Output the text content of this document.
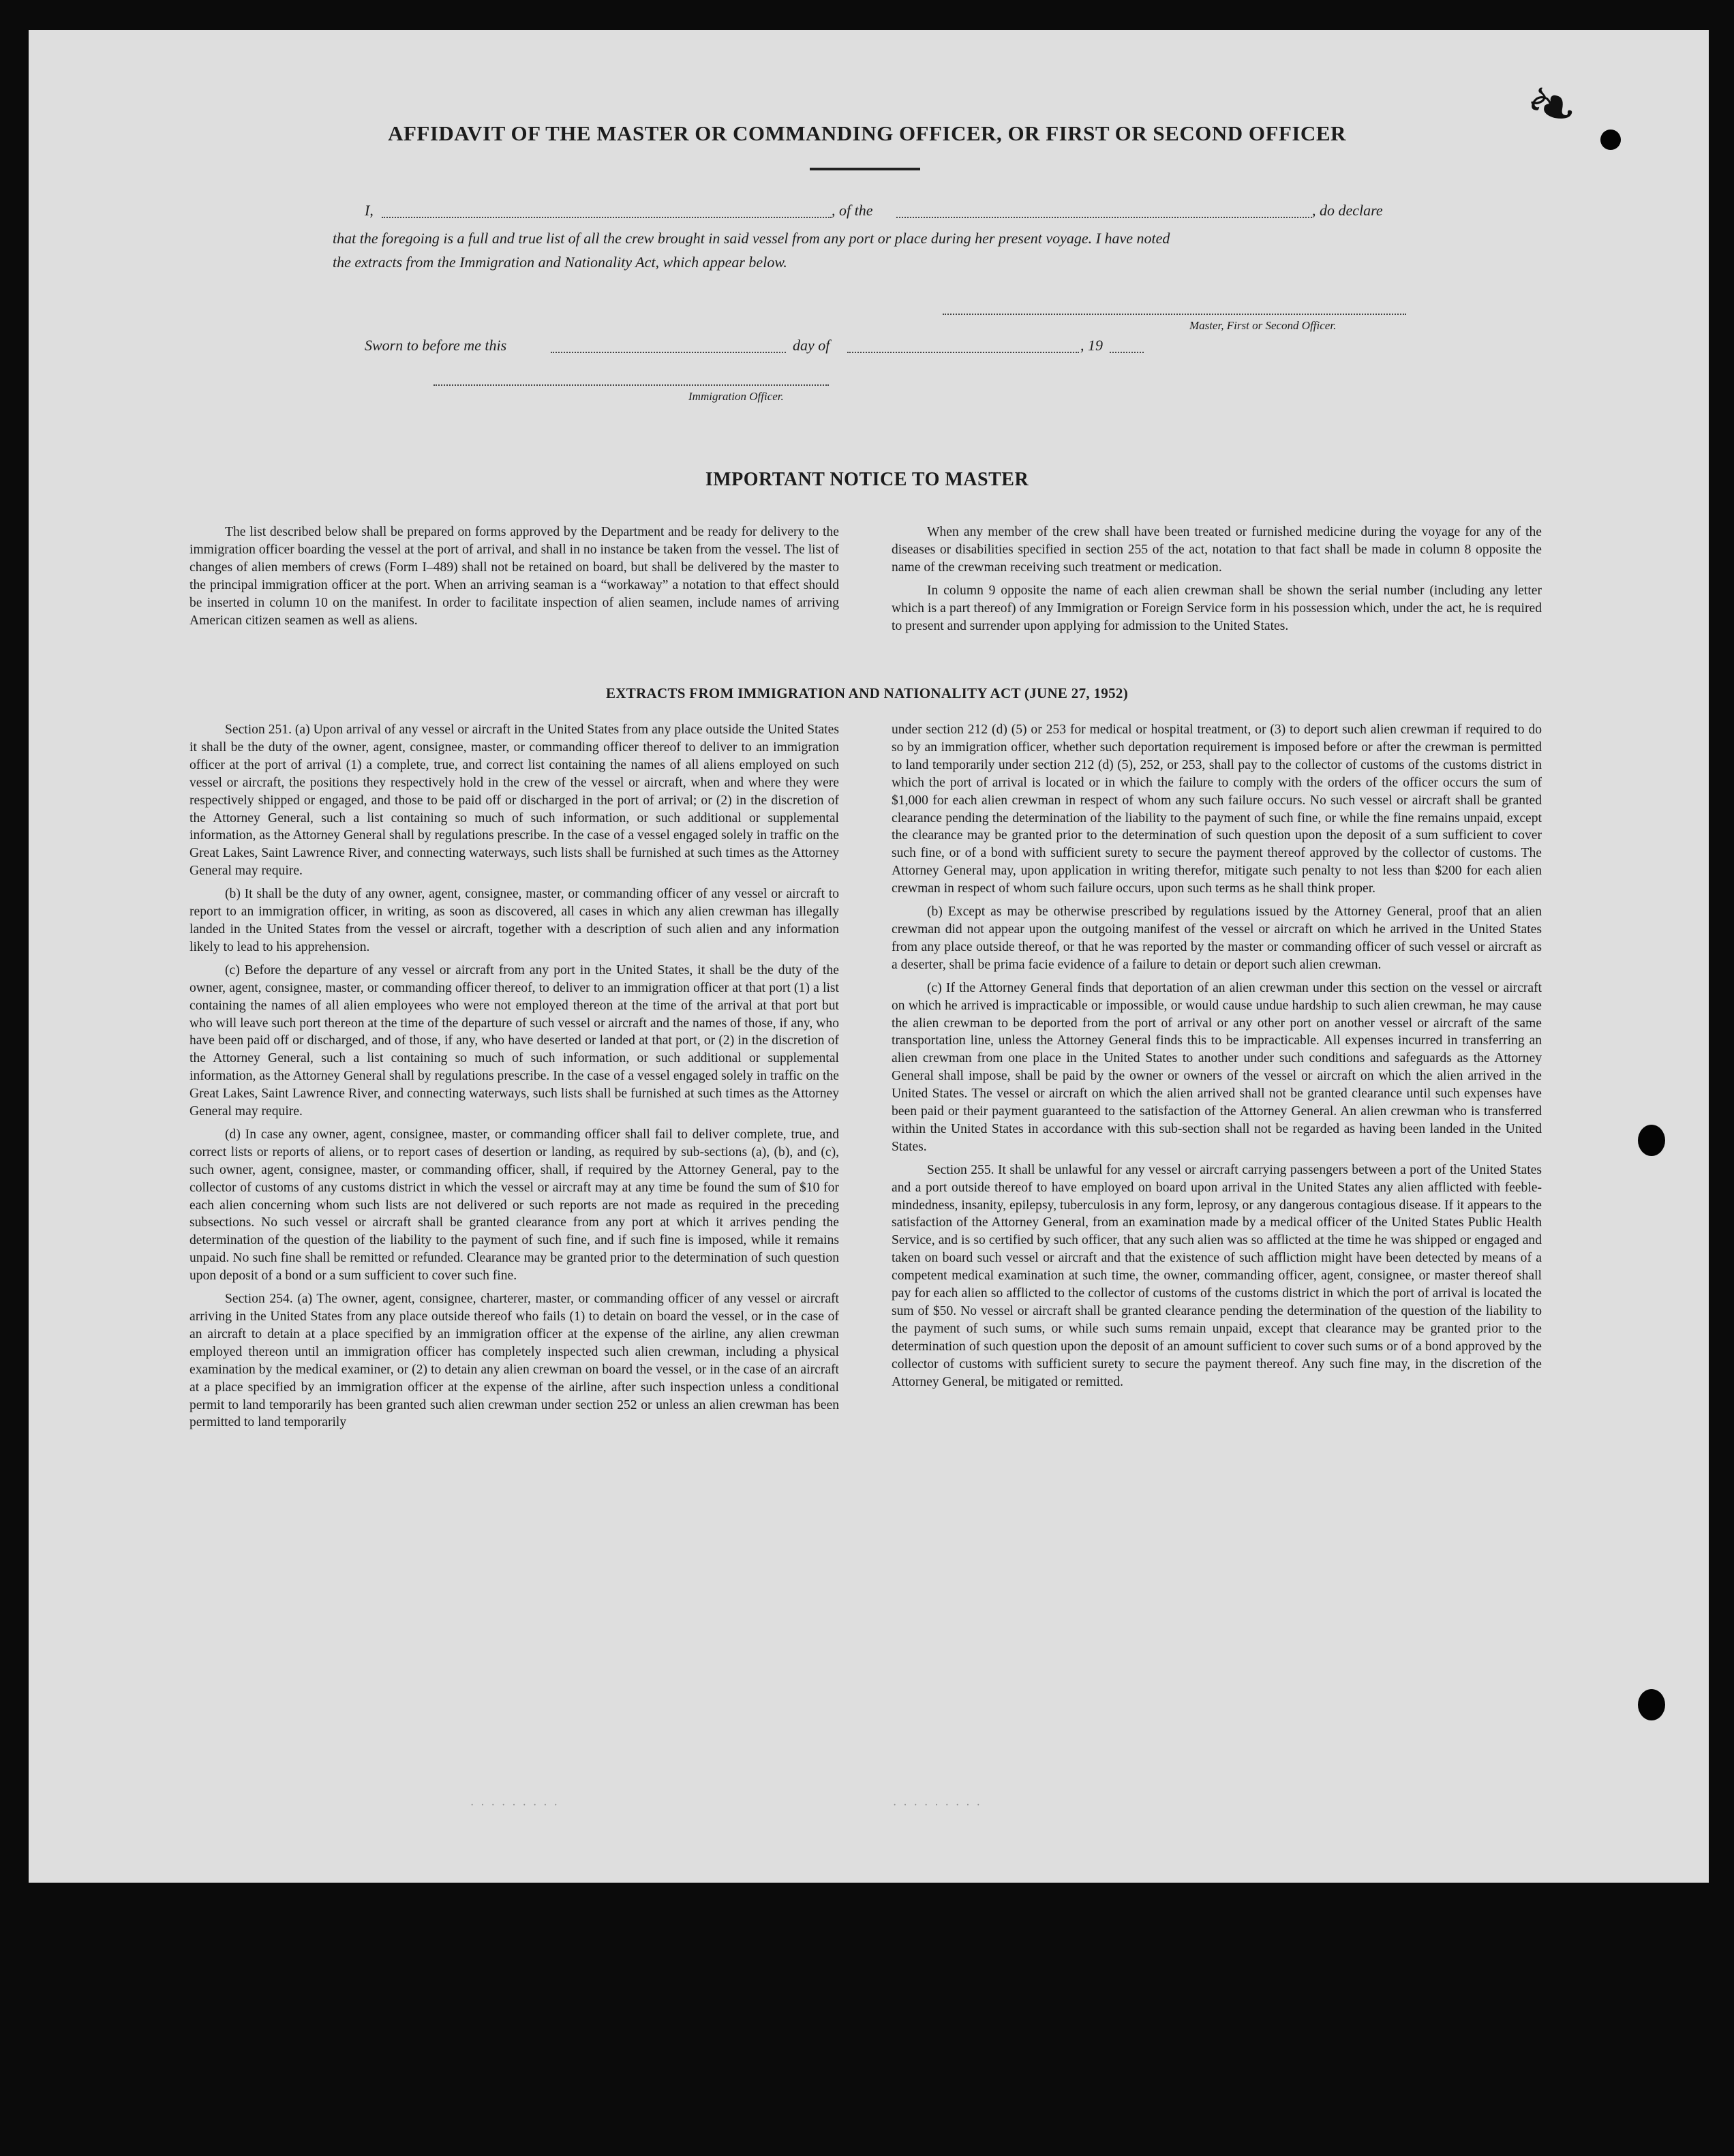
❧
· · · · · · · · ·	· · · · · · · · ·
AFFIDAVIT OF THE MASTER OR COMMANDING OFFICER, OR FIRST OR SECOND OFFICER
I,	, of the	, do declare
that the foregoing is a full and true list of all the crew brought in said vessel from any port or place during her present voyage. I have noted
the extracts from the Immigration and Nationality Act, which appear below.
Master, First or Second Officer.
Sworn to before me this	day of	, 19
Immigration Officer.
IMPORTANT NOTICE TO MASTER

The list described below shall be prepared on forms approved by the Department and be ready for delivery to the immigration officer boarding the vessel at the port of arrival, and shall in no instance be taken from the vessel. The list of changes of alien members of crews (Form I–489) shall not be retained on board, but shall be delivered by the master to the principal immigration officer at the port. When an arriving seaman is a “workaway” a notation to that effect should be inserted in column 10 on the manifest. In order to facilitate inspection of alien seamen, include names of arriving American citizen seamen as well as aliens.

When any member of the crew shall have been treated or furnished medicine during the voyage for any of the diseases or disabilities specified in section 255 of the act, notation to that fact shall be made in column 8 opposite the name of the crewman receiving such treatment or medication.

In column 9 opposite the name of each alien crewman shall be shown the serial number (including any letter which is a part thereof) of any Immigration or Foreign Service form in his possession which, under the act, he is required to present and surrender upon applying for admission to the United States.

EXTRACTS FROM IMMIGRATION AND NATIONALITY ACT (JUNE 27, 1952)

Section 251. (a) Upon arrival of any vessel or aircraft in the United States from any place outside the United States it shall be the duty of the owner, agent, consignee, master, or commanding officer thereof to deliver to an immigration officer at the port of arrival (1) a complete, true, and correct list containing the names of all aliens employed on such vessel or aircraft, the positions they respectively hold in the crew of the vessel or aircraft, when and where they were respectively shipped or engaged, and those to be paid off or discharged in the port of arrival; or (2) in the discretion of the Attorney General, such a list containing so much of such information, or such additional or supplemental information, as the Attorney General shall by regulations prescribe. In the case of a vessel engaged solely in traffic on the Great Lakes, Saint Lawrence River, and connecting waterways, such lists shall be furnished at such times as the Attorney General may require.

(b) It shall be the duty of any owner, agent, consignee, master, or commanding officer of any vessel or aircraft to report to an immigration officer, in writing, as soon as discovered, all cases in which any alien crewman has illegally landed in the United States from the vessel or aircraft, together with a description of such alien and any information likely to lead to his apprehension.

(c) Before the departure of any vessel or aircraft from any port in the United States, it shall be the duty of the owner, agent, consignee, master, or commanding officer thereof, to deliver to an immigration officer at that port (1) a list containing the names of all alien employees who were not employed thereon at the time of the arrival at that port but who will leave such port thereon at the time of the departure of such vessel or aircraft and the names of those, if any, who have been paid off or discharged, and of those, if any, who have deserted or landed at that port, or (2) in the discretion of the Attorney General, such a list containing so much of such information, or such additional or supplemental information, as the Attorney General shall by regulations prescribe. In the case of a vessel engaged solely in traffic on the Great Lakes, Saint Lawrence River, and connecting waterways, such lists shall be furnished at such times as the Attorney General may require.

(d) In case any owner, agent, consignee, master, or commanding officer shall fail to deliver complete, true, and correct lists or reports of aliens, or to report cases of desertion or landing, as required by sub-sections (a), (b), and (c), such owner, agent, consignee, master, or commanding officer, shall, if required by the Attorney General, pay to the collector of customs of any customs district in which the vessel or aircraft may at any time be found the sum of $10 for each alien concerning whom such lists are not delivered or such reports are not made as required in the preceding subsections. No such vessel or aircraft shall be granted clearance from any port at which it arrives pending the determination of the question of the liability to the payment of such fine, and if such fine is imposed, while it remains unpaid. No such fine shall be remitted or refunded. Clearance may be granted prior to the determination of such question upon deposit of a bond or a sum sufficient to cover such fine.

Section 254. (a) The owner, agent, consignee, charterer, master, or commanding officer of any vessel or aircraft arriving in the United States from any place outside thereof who fails (1) to detain on board the vessel, or in the case of an aircraft to detain at a place specified by an immigration officer at the expense of the airline, any alien crewman employed thereon until an immigration officer has completely inspected such alien crewman, including a physical examination by the medical examiner, or (2) to detain any alien crewman on board the vessel, or in the case of an aircraft at a place specified by an immigration officer at the expense of the airline, after such inspection unless a conditional permit to land temporarily has been granted such alien crewman under section 252 or unless an alien crewman has been permitted to land temporarily

under section 212 (d) (5) or 253 for medical or hospital treatment, or (3) to deport such alien crewman if required to do so by an immigration officer, whether such deportation requirement is imposed before or after the crewman is permitted to land temporarily under section 212 (d) (5), 252, or 253, shall pay to the collector of customs of the customs district in which the port of arrival is located or in which the failure to comply with the orders of the officer occurs the sum of $1,000 for each alien crewman in respect of whom any such failure occurs. No such vessel or aircraft shall be granted clearance pending the determination of the liability to the payment of such fine, or while the fine remains unpaid, except the clearance may be granted prior to the determination of such question upon the deposit of a sum sufficient to cover such fine, or of a bond with sufficient surety to secure the payment thereof approved by the collector of customs. The Attorney General may, upon application in writing therefor, mitigate such penalty to not less than $200 for each alien crewman in respect of whom such failure occurs, upon such terms as he shall think proper.

(b) Except as may be otherwise prescribed by regulations issued by the Attorney General, proof that an alien crewman did not appear upon the outgoing manifest of the vessel or aircraft on which he arrived in the United States from any place outside thereof, or that he was reported by the master or commanding officer of such vessel or aircraft as a deserter, shall be prima facie evidence of a failure to detain or deport such alien crewman.

(c) If the Attorney General finds that deportation of an alien crewman under this section on the vessel or aircraft on which he arrived is impracticable or impossible, or would cause undue hardship to such alien crewman, he may cause the alien crewman to be deported from the port of arrival or any other port on another vessel or aircraft of the same transportation line, unless the Attorney General finds this to be impracticable. All expenses incurred in transferring an alien crewman from one place in the United States to another under such conditions and safeguards as the Attorney General shall impose, shall be paid by the owner or owners of the vessel or aircraft on which the alien arrived in the United States. The vessel or aircraft on which the alien arrived shall not be granted clearance until such expenses have been paid or their payment guaranteed to the satisfaction of the Attorney General. An alien crewman who is transferred within the United States in accordance with this sub-section shall not be regarded as having been landed in the United States.

Section 255. It shall be unlawful for any vessel or aircraft carrying passengers between a port of the United States and a port outside thereof to have employed on board upon arrival in the United States any alien afflicted with feeble-mindedness, insanity, epilepsy, tuberculosis in any form, leprosy, or any dangerous contagious disease. If it appears to the satisfaction of the Attorney General, from an examination made by a medical officer of the United States Public Health Service, and is so certified by such officer, that any such alien was so afflicted at the time he was shipped or engaged and taken on board such vessel or aircraft and that the existence of such affliction might have been detected by means of a competent medical examination at such time, the owner, commanding officer, agent, consignee, or master thereof shall pay for each alien so afflicted to the collector of customs of the customs district in which the port of arrival is located the sum of $50. No vessel or aircraft shall be granted clearance pending the determination of the question of the liability to the payment of such sums, or while such sums remain unpaid, except that clearance may be granted prior to the determination of such question upon the deposit of an amount sufficient to cover such sums or of a bond approved by the collector of customs with sufficient surety to secure the payment thereof. Any such fine may, in the discretion of the Attorney General, be mitigated or remitted.
